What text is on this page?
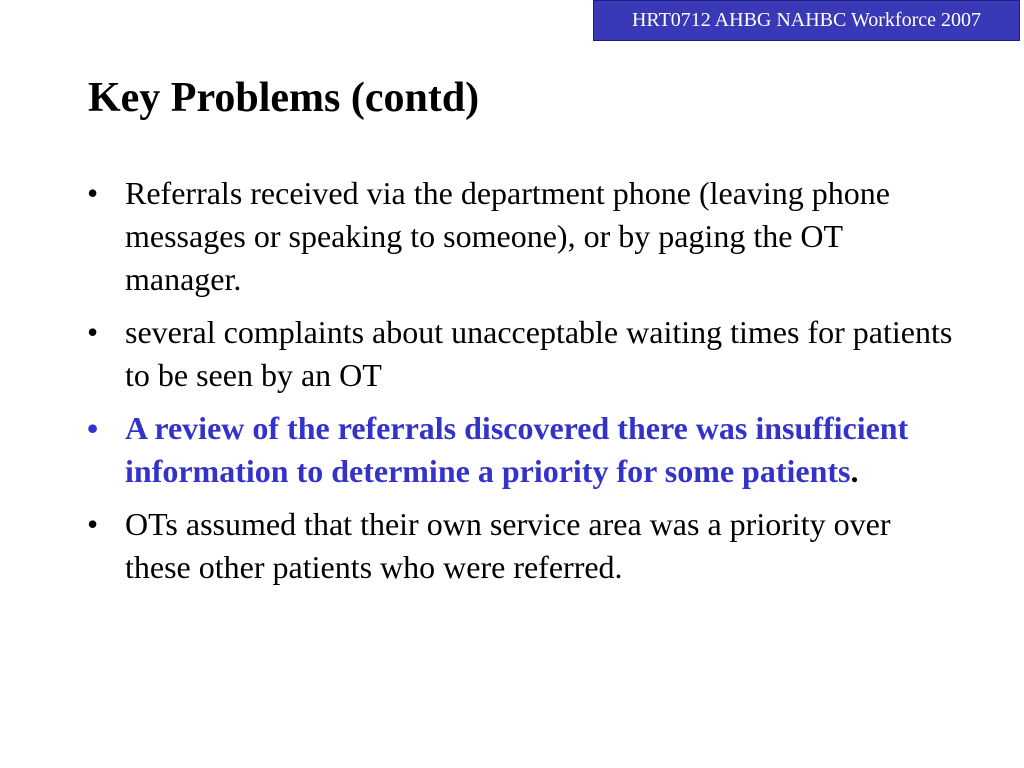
HRT0712 AHBG NAHBC Workforce 2007
Key Problems (contd)
• Referrals received via the department phone (leaving phone messages or speaking to someone), or by paging the OT manager.
• several complaints about unacceptable waiting times for patients to be seen by an OT
• A review of the referrals discovered there was insufficient information to determine a priority for some patients.
• OTs assumed that their own service area was a priority over these other patients who were referred.
